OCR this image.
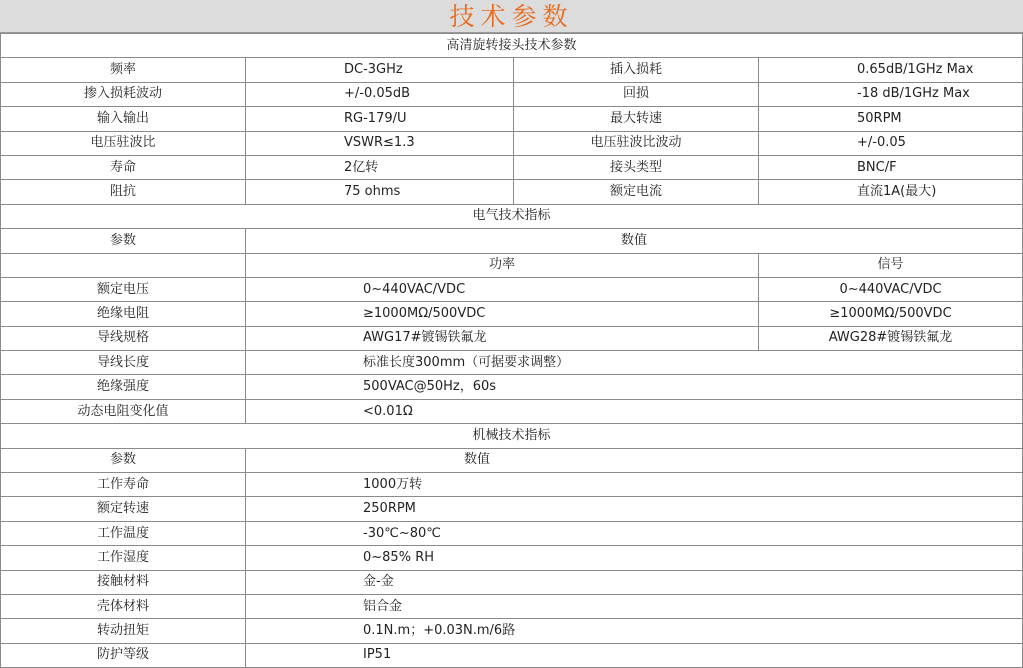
技术参数
高清旋转接头技术参数			
频率	DC-3GHz	插入损耗	0.65dB/1GHz Max
掺入损耗波动	+/-0.05dB	回损	-18 dB/1GHz Max
输入输出	RG-179/U	最大转速	50RPM
电压驻波比	VSWR≤1.3	电压驻波比波动	+/-0.05
寿命	2亿转	接头类型	BNC/F
阻抗	75 ohms	额定电流	直流1A(最大)
电气技术指标			
参数	数值		
	功率		信号
额定电压	0~440VAC/VDC		0~440VAC/VDC
绝缘电阻	≥1000MΩ/500VDC		≥1000MΩ/500VDC
导线规格	AWG17#镀锡铁氟龙		AWG28#镀锡铁氟龙
导线长度	标准长度300mm（可据要求调整）		
绝缘强度	500VAC@50Hz，60s		
动态电阻变化值	<0.01Ω		
机械技术指标			
参数	数值		
工作寿命	1000万转		
额定转速	250RPM		
工作温度	-30℃~80℃		
工作湿度	0~85% RH		
接触材料	金-金		
壳体材料	铝合金		
转动扭矩	0.1N.m；+0.03N.m/6路		
防护等级	IP51		
